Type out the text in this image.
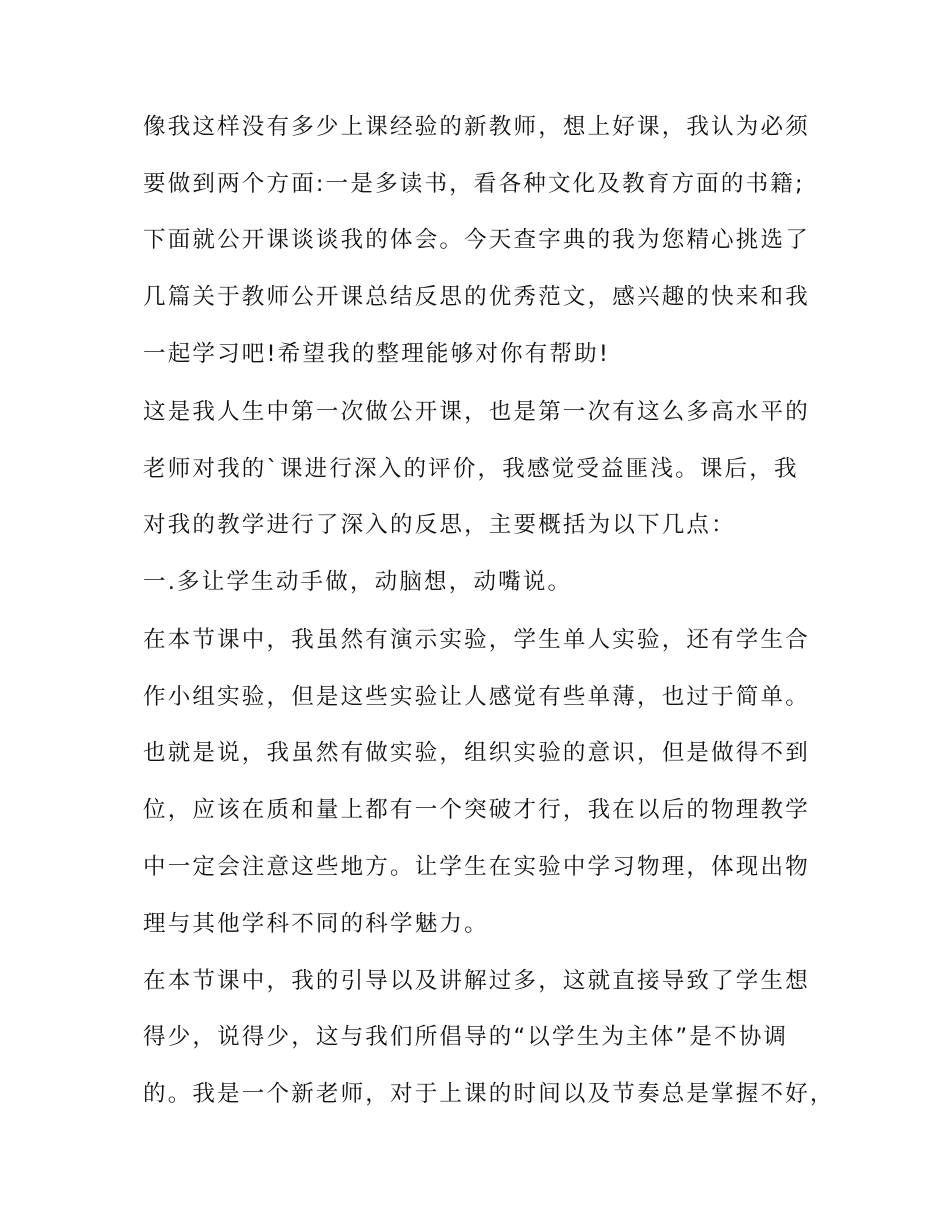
像我这样没有多少上课经验的新教师，想上好课，我认为必须

要做到两个方面:一是多读书，看各种文化及教育方面的书籍;

下面就公开课谈谈我的体会。今天查字典的我为您精心挑选了

几篇关于教师公开课总结反思的优秀范文，感兴趣的快来和我

一起学习吧!希望我的整理能够对你有帮助!

这是我人生中第一次做公开课，也是第一次有这么多高水平的

老师对我的`课进行深入的评价，我感觉受益匪浅。课后，我

对我的教学进行了深入的反思，主要概括为以下几点：

一.多让学生动手做，动脑想，动嘴说。

在本节课中，我虽然有演示实验，学生单人实验，还有学生合

作小组实验，但是这些实验让人感觉有些单薄，也过于简单。

也就是说，我虽然有做实验，组织实验的意识，但是做得不到

位，应该在质和量上都有一个突破才行，我在以后的物理教学

中一定会注意这些地方。让学生在实验中学习物理，体现出物

理与其他学科不同的科学魅力。

在本节课中，我的引导以及讲解过多，这就直接导致了学生想

得少，说得少，这与我们所倡导的“以学生为主体”是不协调

的。我是一个新老师，对于上课的时间以及节奏总是掌握不好，
